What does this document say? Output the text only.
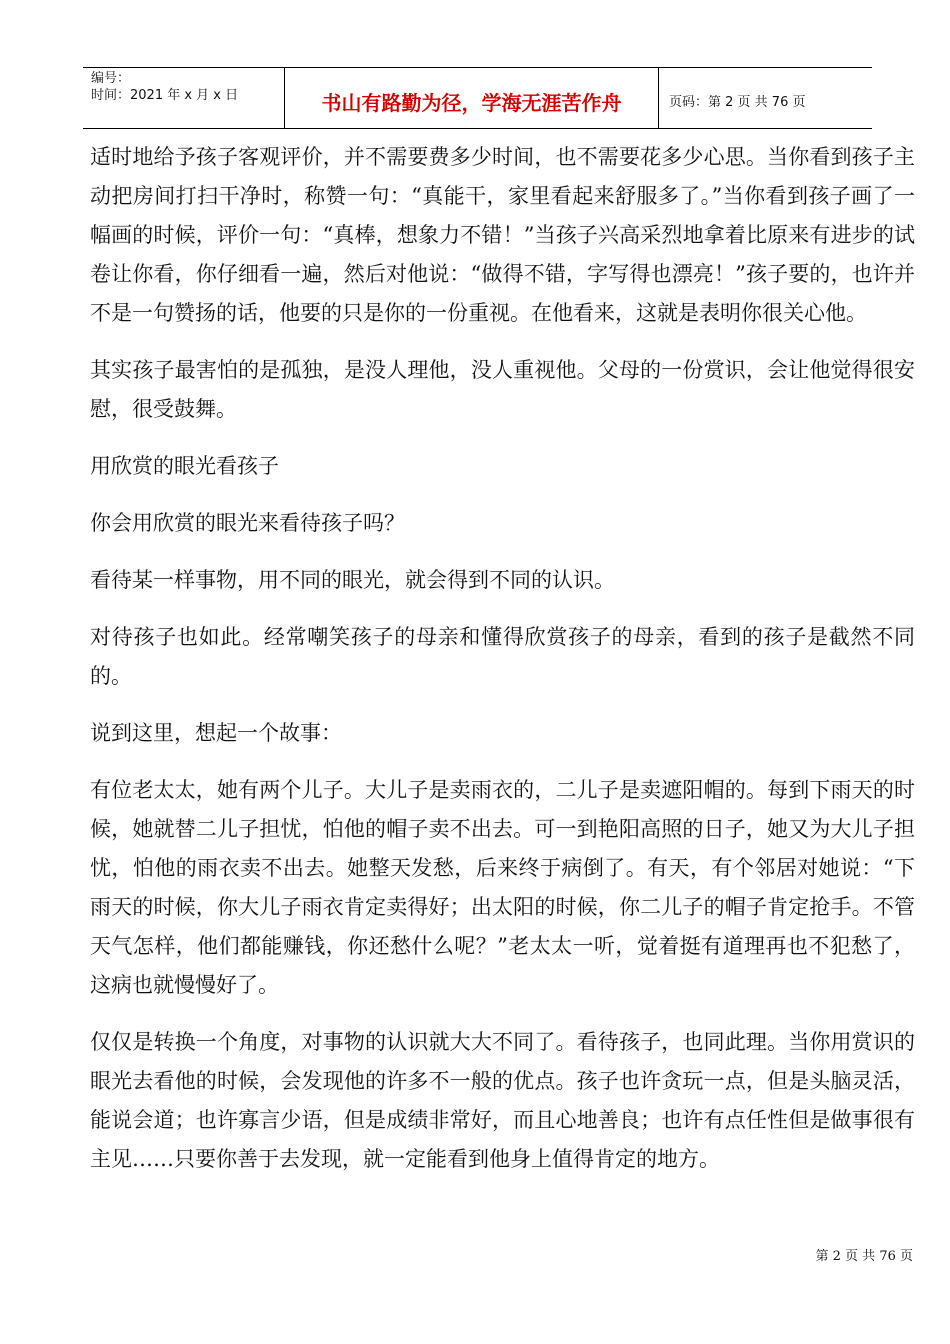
编号：
时间：2021 年 x 月 x 日	书山有路勤为径，学海无涯苦作舟	页码：第 2 页 共 76 页

适时地给予孩子客观评价，并不需要费多少时间，也不需要花多少心思。当你看到孩子主动把房间打扫干净时，称赞一句：“真能干，家里看起来舒服多了。”当你看到孩子画了一幅画的时候，评价一句：“真棒，想象力不错！”当孩子兴高采烈地拿着比原来有进步的试卷让你看，你仔细看一遍，然后对他说：“做得不错，字写得也漂亮！”孩子要的，也许并不是一句赞扬的话，他要的只是你的一份重视。在他看来，这就是表明你很关心他。

其实孩子最害怕的是孤独，是没人理他，没人重视他。父母的一份赏识，会让他觉得很安慰，很受鼓舞。

用欣赏的眼光看孩子

你会用欣赏的眼光来看待孩子吗？

看待某一样事物，用不同的眼光，就会得到不同的认识。

对待孩子也如此。经常嘲笑孩子的母亲和懂得欣赏孩子的母亲，看到的孩子是截然不同的。

说到这里，想起一个故事：

有位老太太，她有两个儿子。大儿子是卖雨衣的，二儿子是卖遮阳帽的。每到下雨天的时候，她就替二儿子担忧，怕他的帽子卖不出去。可一到艳阳高照的日子，她又为大儿子担忧，怕他的雨衣卖不出去。她整天发愁，后来终于病倒了。有天，有个邻居对她说：“下雨天的时候，你大儿子雨衣肯定卖得好；出太阳的时候，你二儿子的帽子肯定抢手。不管天气怎样，他们都能赚钱，你还愁什么呢？”老太太一听，觉着挺有道理再也不犯愁了，这病也就慢慢好了。

仅仅是转换一个角度，对事物的认识就大大不同了。看待孩子，也同此理。当你用赏识的眼光去看他的时候，会发现他的许多不一般的优点。孩子也许贪玩一点，但是头脑灵活，能说会道；也许寡言少语，但是成绩非常好，而且心地善良；也许有点任性但是做事很有主见……只要你善于去发现，就一定能看到他身上值得肯定的地方。

第 2 页 共 76 页
